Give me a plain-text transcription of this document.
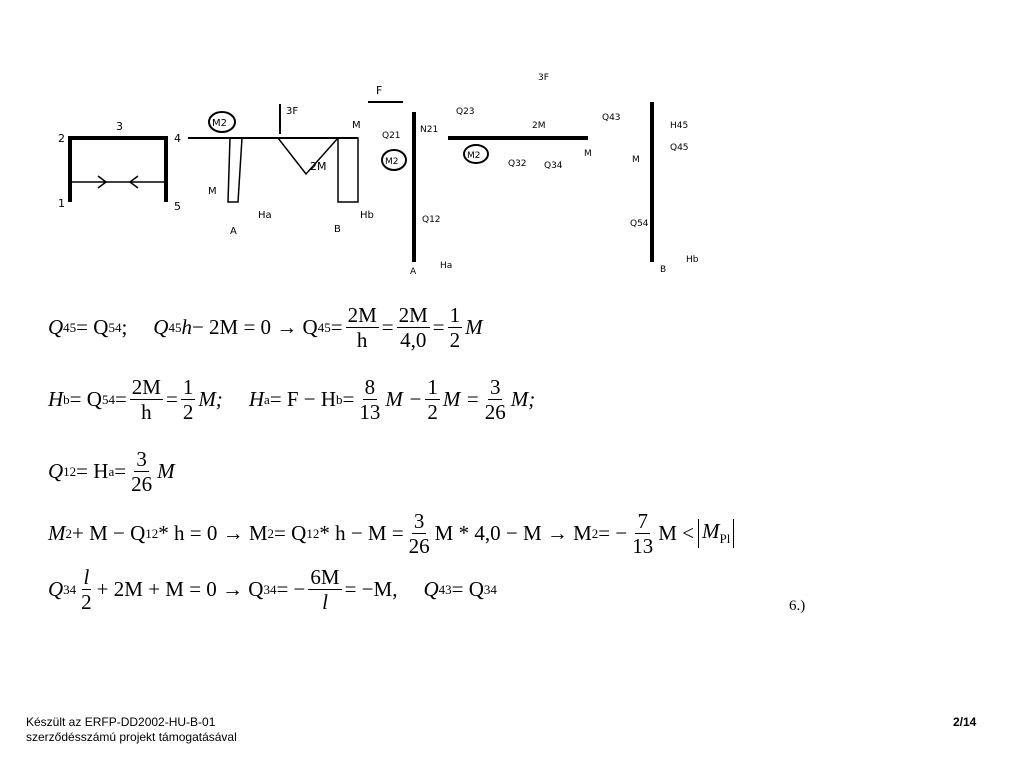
2
3
4
1	5
M2
3F
2M
M
M
Ha	Hb
A	B
F
M2
Q21
N21
Q12
Ha
A
M2
Q23
Q32 Q34
Q43
3F
2M	H45
Q45
Q54
M
M
Hb
B
Q 45 = Q 54 ; Q 45 h − 2M = 0 → Q $45 = \frac{2M}{h} = \frac{2M}{4,0} = \frac{1}{2}$ M
H b = Q $54 = \frac{2M}{h} = \frac{1}{2} M$; H a = F − H $b = \frac{8}{13}$ $M - \frac{1}{2}$ $M = \frac{3}{26} M$;
Q 12 = H $a = \frac{3}{26}$ M
M 2 + M − Q 12 * h = 0 → M 2 = Q $12 * h - M = \frac{3}{26}$ M * 4,0 − M → M 2 = − $\frac{7}{13}$ $M < M_{Pl}$
Q $34 \frac{l}{2} + 2M + M = 0 \to Q$ 34 = − $\frac{6M}{l} = -M$, Q 43 = Q 34
6.)
Készült az ERFP-DD2002-HU-B-01
szerződésszámú projekt támogatásával
2/14
